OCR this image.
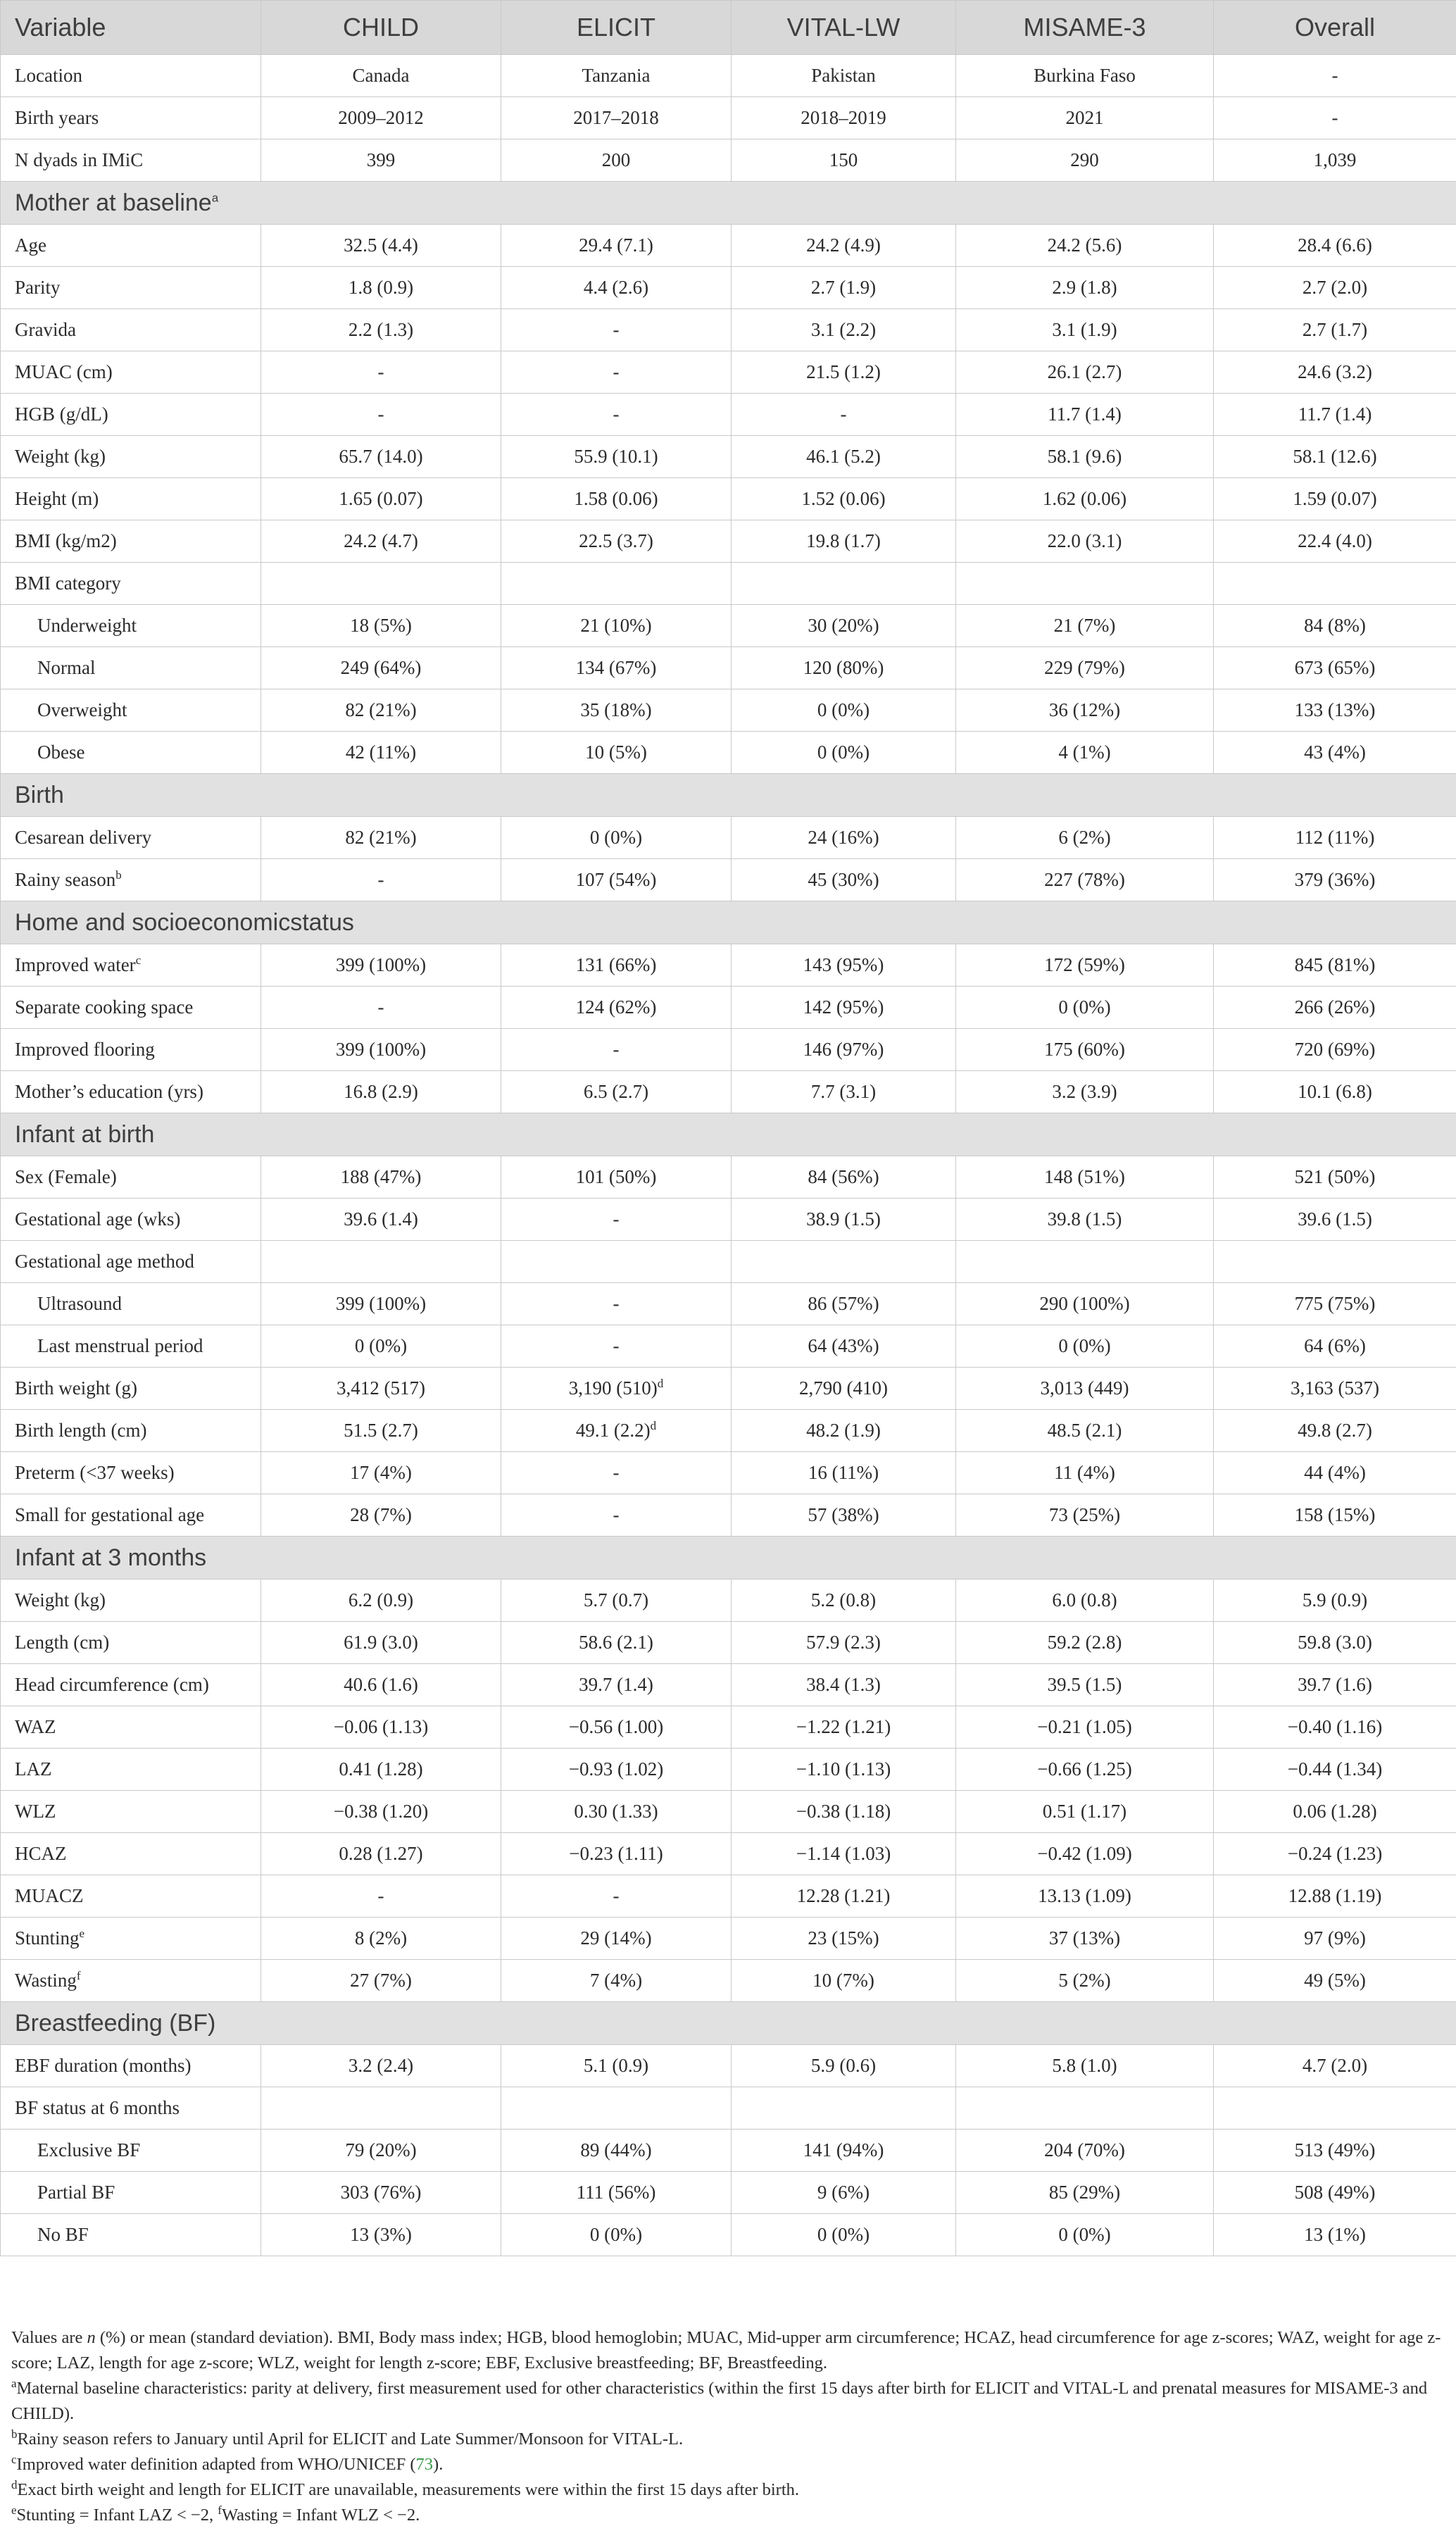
Variable	CHILD	ELICIT	VITAL-LW	MISAME-3	Overall
Location	Canada	Tanzania	Pakistan	Burkina Faso	-
Birth years	2009–2012	2017–2018	2018–2019	2021	-
N dyads in IMiC	399	200	150	290	1,039
Mother at baseline$^a$
Age	32.5 (4.4)	29.4 (7.1)	24.2 (4.9)	24.2 (5.6)	28.4 (6.6)
Parity	1.8 (0.9)	4.4 (2.6)	2.7 (1.9)	2.9 (1.8)	2.7 (2.0)
Gravida	2.2 (1.3)	-	3.1 (2.2)	3.1 (1.9)	2.7 (1.7)
MUAC (cm)	-	-	21.5 (1.2)	26.1 (2.7)	24.6 (3.2)
HGB (g/dL)	-	-	-	11.7 (1.4)	11.7 (1.4)
Weight (kg)	65.7 (14.0)	55.9 (10.1)	46.1 (5.2)	58.1 (9.6)	58.1 (12.6)
Height (m)	1.65 (0.07)	1.58 (0.06)	1.52 (0.06)	1.62 (0.06)	1.59 (0.07)
BMI (kg/m2)	24.2 (4.7)	22.5 (3.7)	19.8 (1.7)	22.0 (3.1)	22.4 (4.0)
BMI category					
Underweight	18 (5%)	21 (10%)	30 (20%)	21 (7%)	84 (8%)
Normal	249 (64%)	134 (67%)	120 (80%)	229 (79%)	673 (65%)
Overweight	82 (21%)	35 (18%)	0 (0%)	36 (12%)	133 (13%)
Obese	42 (11%)	10 (5%)	0 (0%)	4 (1%)	43 (4%)
Birth					
Cesarean delivery	82 (21%)	0 (0%)	24 (16%)	6 (2%)	112 (11%)
Rainy season$^b$	-	107 (54%)	45 (30%)	227 (78%)	379 (36%)
Home and socioeconomicstatus					
Improved water$^c$	399 (100%)	131 (66%)	143 (95%)	172 (59%)	845 (81%)
Separate cooking space	-	124 (62%)	142 (95%)	0 (0%)	266 (26%)
Improved flooring	399 (100%)	-	146 (97%)	175 (60%)	720 (69%)
Mother’s education (yrs)	16.8 (2.9)	6.5 (2.7)	7.7 (3.1)	3.2 (3.9)	10.1 (6.8)
Infant at birth					
Sex (Female)	188 (47%)	101 (50%)	84 (56%)	148 (51%)	521 (50%)
Gestational age (wks)	39.6 (1.4)	-	38.9 (1.5)	39.8 (1.5)	39.6 (1.5)
Gestational age method					
Ultrasound	399 (100%)	-	86 (57%)	290 (100%)	775 (75%)
Last menstrual period	0 (0%)	-	64 (43%)	0 (0%)	64 (6%)
Birth weight (g)	3,412 (517)	3,190 $(510)^d$	2,790 (410)	3,013 (449)	3,163 (537)
Birth length (cm)	51.5 (2.7)	49.1 $(2.2)^d$	48.2 (1.9)	48.5 (2.1)	49.8 (2.7)
Preterm (<37 weeks)	17 (4%)	-	16 (11%)	11 (4%)	44 (4%)
Small for gestational age	28 (7%)	-	57 (38%)	73 (25%)	158 (15%)
Infant at 3 months					
Weight (kg)	6.2 (0.9)	5.7 (0.7)	5.2 (0.8)	6.0 (0.8)	5.9 (0.9)
Length (cm)	61.9 (3.0)	58.6 (2.1)	57.9 (2.3)	59.2 (2.8)	59.8 (3.0)
Head circumference (cm)	40.6 (1.6)	39.7 (1.4)	38.4 (1.3)	39.5 (1.5)	39.7 (1.6)
WAZ	−0.06 (1.13)	−0.56 (1.00)	−1.22 (1.21)	−0.21 (1.05)	−0.40 (1.16)
LAZ	0.41 (1.28)	−0.93 (1.02)	−1.10 (1.13)	−0.66 (1.25)	−0.44 (1.34)
WLZ	−0.38 (1.20)	0.30 (1.33)	−0.38 (1.18)	0.51 (1.17)	0.06 (1.28)
HCAZ	0.28 (1.27)	−0.23 (1.11)	−1.14 (1.03)	−0.42 (1.09)	−0.24 (1.23)
MUACZ	-	-	12.28 (1.21)	13.13 (1.09)	12.88 (1.19)
Stunting$^e$	8 (2%)	29 (14%)	23 (15%)	37 (13%)	97 (9%)
Wasting$^f$	27 (7%)	7 (4%)	10 (7%)	5 (2%)	49 (5%)
Breastfeeding (BF)					
EBF duration (months)	3.2 (2.4)	5.1 (0.9)	5.9 (0.6)	5.8 (1.0)	4.7 (2.0)
BF status at 6 months					
Exclusive BF	79 (20%)	89 (44%)	141 (94%)	204 (70%)	513 (49%)
Partial BF	303 (76%)	111 (56%)	9 (6%)	85 (29%)	508 (49%)
No BF	13 (3%)	0 (0%)	0 (0%)	0 (0%)	13 (1%)

Values are n (%) or mean (standard deviation). BMI, Body mass index; HGB, blood hemoglobin; MUAC, Mid-upper arm circumference; HCAZ, head circumference for age z-scores; WAZ, weight for age z-score; LAZ, length for age z-score; WLZ, weight for length z-score; EBF, Exclusive breastfeeding; BF, Breastfeeding.

$^a$Maternal baseline characteristics: parity at delivery, first measurement used for other characteristics (within the first 15 days after birth for ELICIT and VITAL-L and prenatal measures for MISAME-3 and CHILD).

$^b$Rainy season refers to January until April for ELICIT and Late Summer/Monsoon for VITAL-L.

$^c$Improved water definition adapted from WHO/UNICEF (73).

$^d$Exact birth weight and length for ELICIT are unavailable, measurements were within the first 15 days after birth.

$^e$Stunting = Infant LAZ < −2, $^f$Wasting = Infant WLZ < −2.
